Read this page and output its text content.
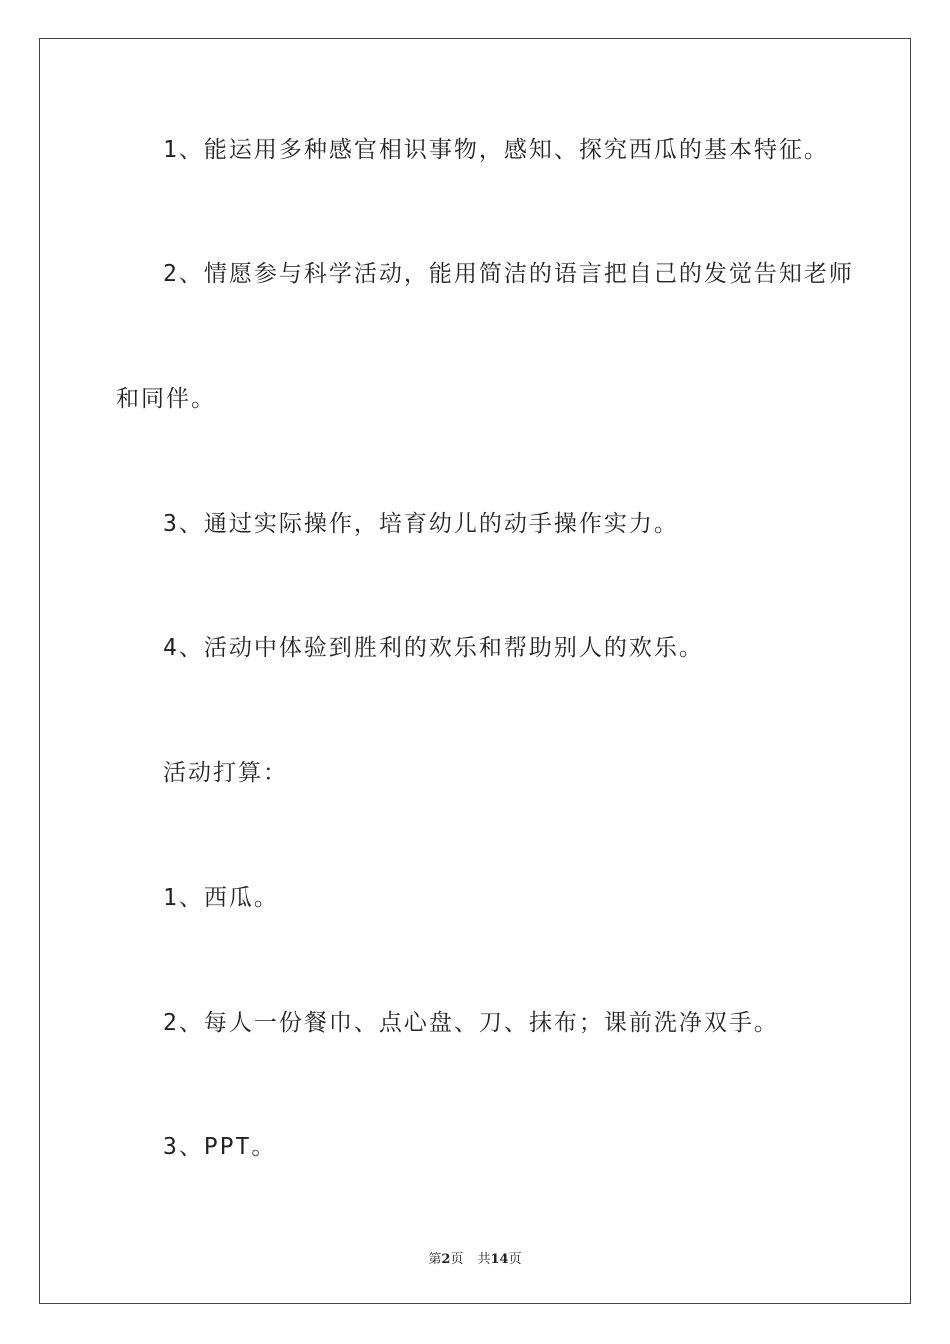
1、能运用多种感官相识事物，感知、探究西瓜的基本特征。
2、情愿参与科学活动，能用简洁的语言把自己的发觉告知老师
和同伴。
3、通过实际操作，培育幼儿的动手操作实力。
4、活动中体验到胜利的欢乐和帮助别人的欢乐。
活动打算：
1、西瓜。
2、每人一份餐巾、点心盘、刀、抹布；课前洗净双手。
3、PPT。
第2页 共14页
